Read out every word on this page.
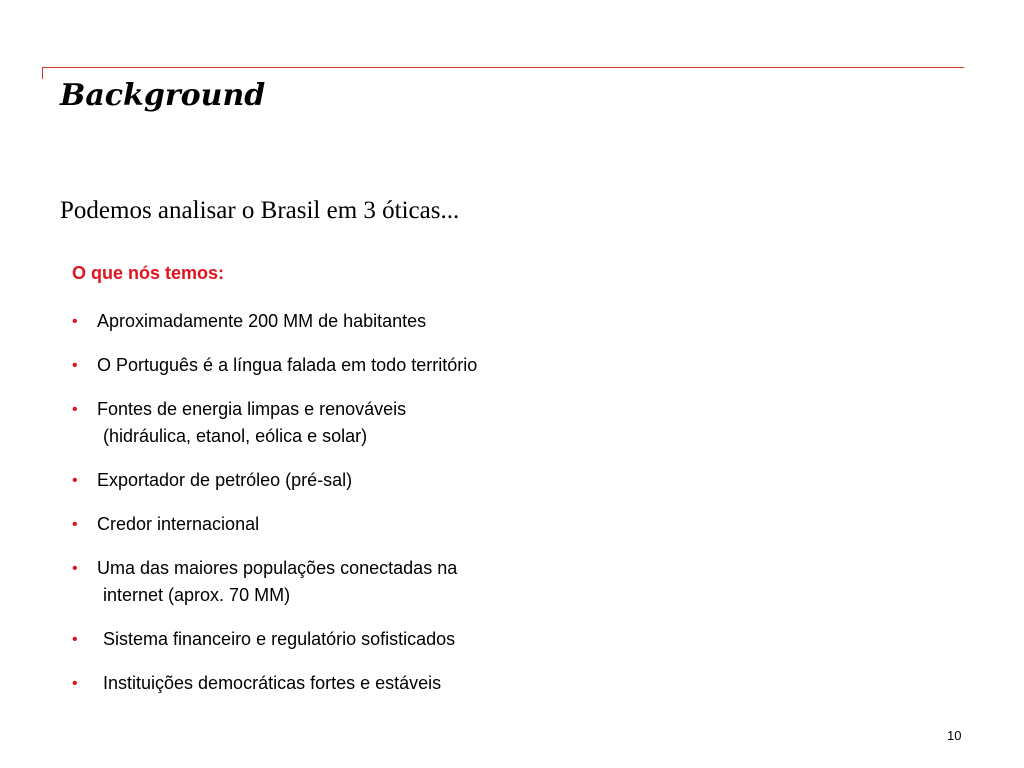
Background
Podemos analisar o Brasil em 3 óticas...
O que nós temos:
• Aproximadamente 200 MM de habitantes
• O Português é a língua falada em todo território
• Fontes de energia limpas e renováveis
(hidráulica, etanol, eólica e solar)
• Exportador de petróleo (pré-sal)
• Credor internacional
• Uma das maiores populações conectadas na
internet (aprox. 70 MM)
• Sistema financeiro e regulatório sofisticados
• Instituições democráticas fortes e estáveis
10
